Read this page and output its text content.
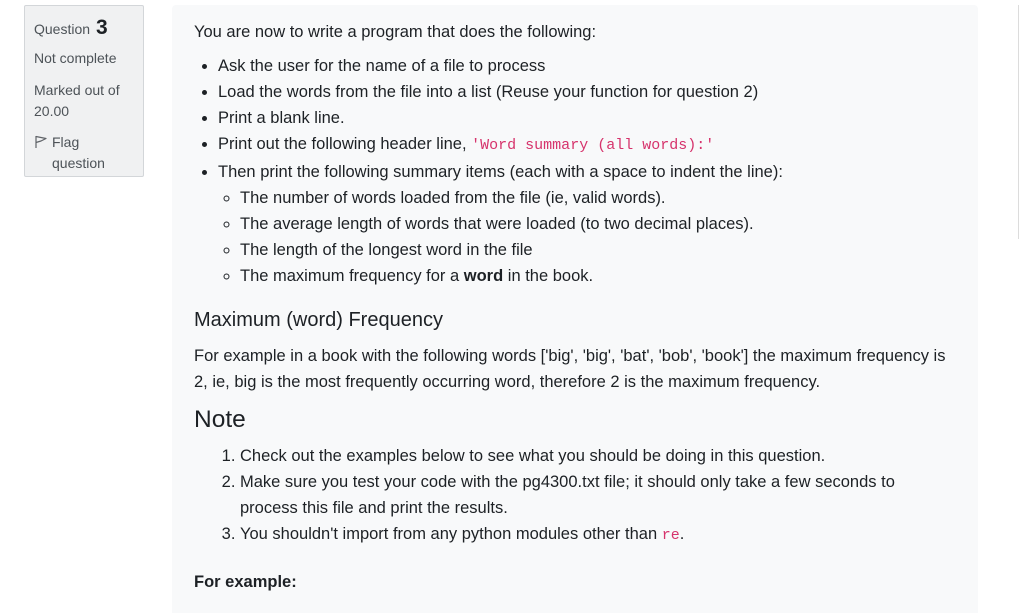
Question 3
Not complete
Marked out of 20.00
Flag question

You are now to write a program that does the following:

• Ask the user for the name of a file to process
• Load the words from the file into a list (Reuse your function for question 2)
• Print a blank line.
• Print out the following header line, 'Word summary (all words):'
• Then print the following summary items (each with a space to indent the line):
◦ The number of words loaded from the file (ie, valid words).
◦ The average length of words that were loaded (to two decimal places).
◦ The length of the longest word in the file
◦ The maximum frequency for a word in the book.
Maximum (word) Frequency

For example in a book with the following words ['big', 'big', 'bat', 'bob', 'book'] the maximum frequency is 2, ie, big is the most frequently occurring word, therefore 2 is the maximum frequency.

Note
1. Check out the examples below to see what you should be doing in this question.
2. Make sure you test your code with the pg4300.txt file; it should only take a few seconds to process this file and print the results.
3. You shouldn't import from any python modules other than re.

For example:
